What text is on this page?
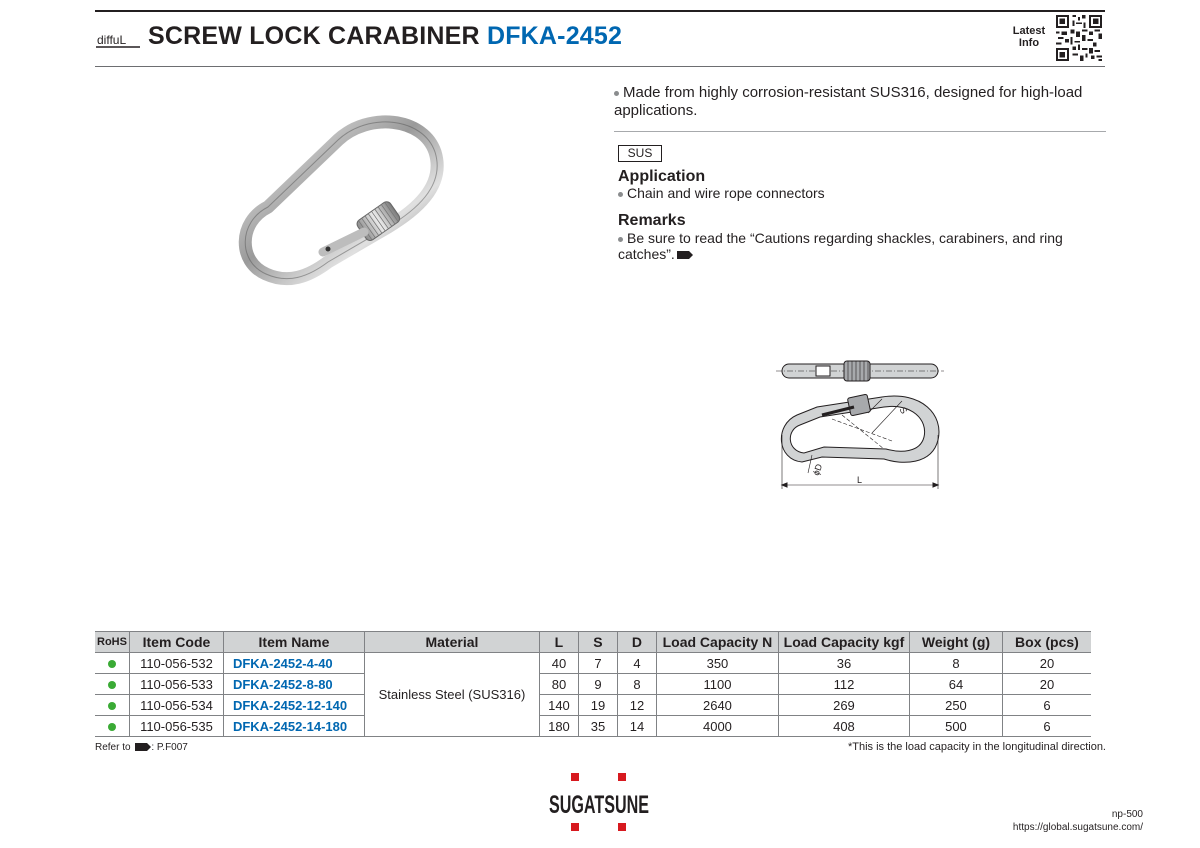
diffuL SCREW LOCK CARABINER DFKA-2452	Latest
Info
Made from highly corrosion-resistant SUS316, designed for high-load applications.
SUS
Application
Chain and wire rope connectors
Remarks
Be sure to read the “Cautions regarding shackles, carabiners, and ring catches”.
S
ϕD
L
RoHS	Item Code	Item Name	Material	L	S	D	Load Capacity N	Load Capacity kgf	Weight (g)	Box (pcs)
	110-056-532	DFKA-2452-4-40	Stainless Steel (SUS316)	40	7	4	350	36	8	20
	110-056-533	DFKA-2452-8-80		80	9	8	1100	112	64	20
	110-056-534	DFKA-2452-12-140		140	19	12	2640	269	250	6
	110-056-535	DFKA-2452-14-180		180	35	14	4000	408	500	6
Refer to : P.F007	*This is the load capacity in the longitudinal direction.
SUGATSUNE	np-500
https://global.sugatsune.com/
